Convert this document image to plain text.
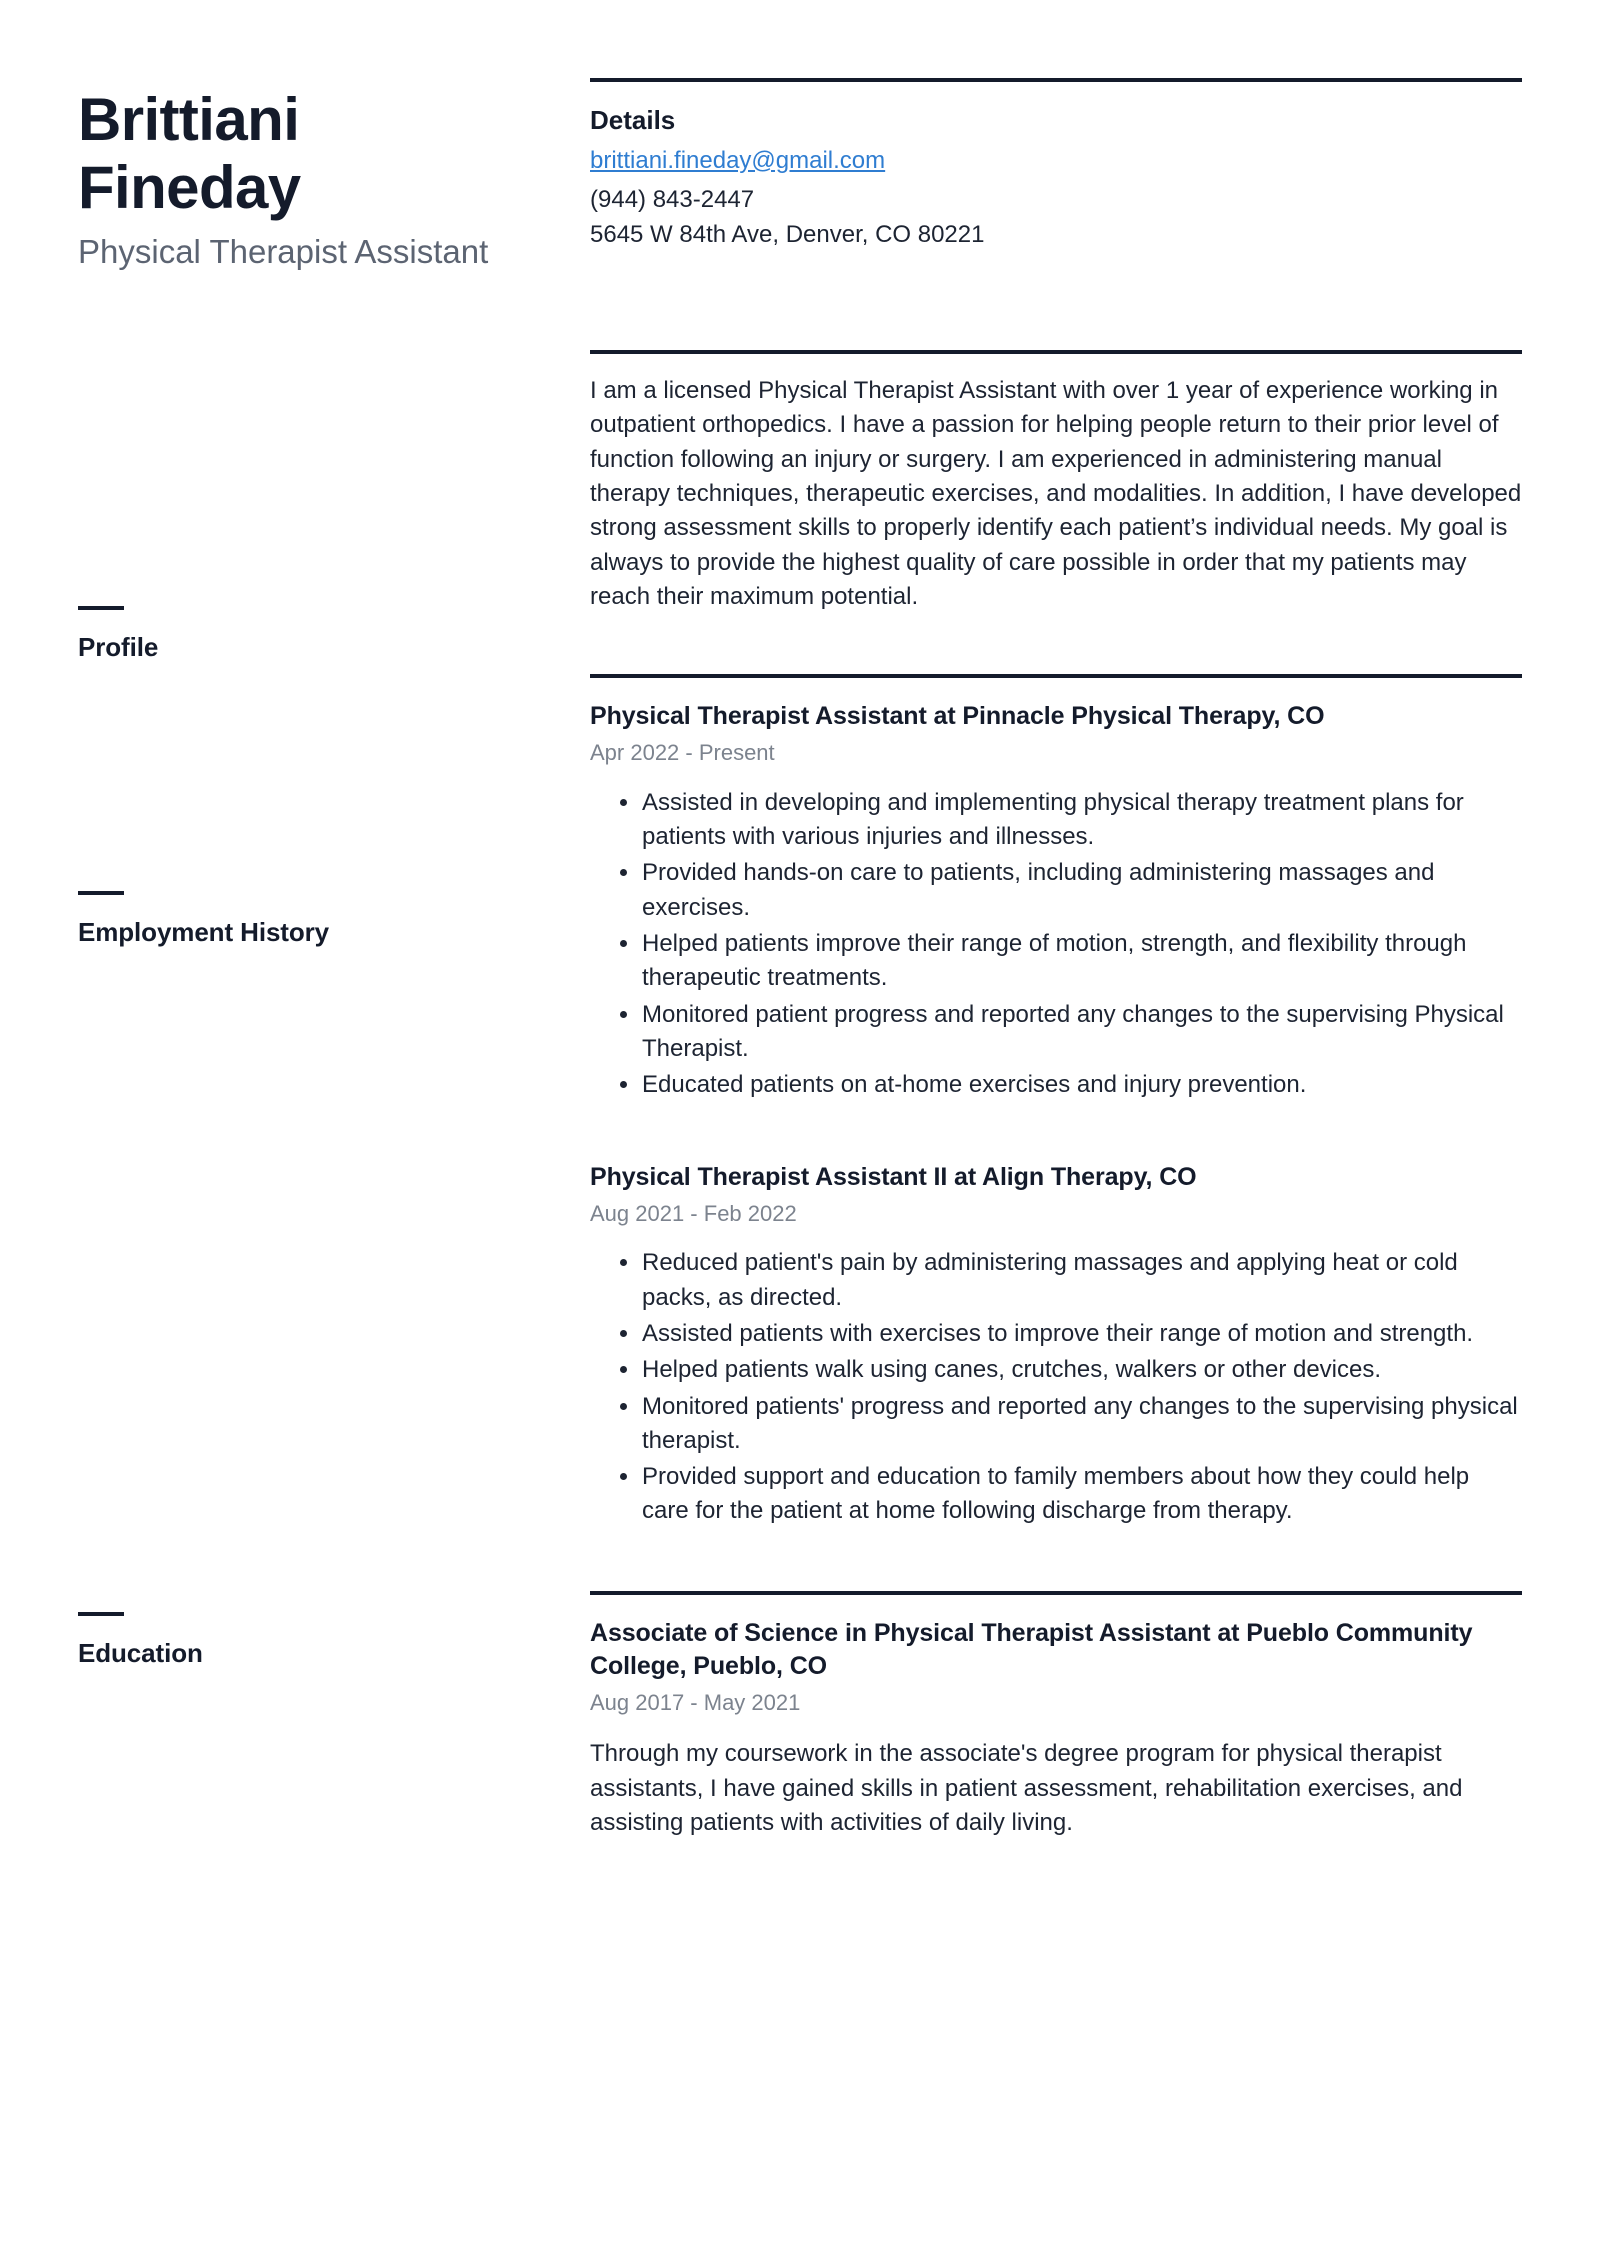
Brittiani
Fineday
Physical Therapist Assistant
Profile
Employment History
Education
Details
brittiani.fineday@gmail.com
(944) 843-2447
5645 W 84th Ave, Denver, CO 80221

I am a licensed Physical Therapist Assistant with over 1 year of experience working in outpatient orthopedics. I have a passion for helping people return to their prior level of function following an injury or surgery. I am experienced in administering manual therapy techniques, therapeutic exercises, and modalities. In addition, I have developed strong assessment skills to properly identify each patient’s individual needs. My goal is always to provide the highest quality of care possible in order that my patients may reach their maximum potential.

Physical Therapist Assistant at Pinnacle Physical Therapy, CO
Apr 2022 - Present
Assisted in developing and implementing physical therapy treatment plans for patients with various injuries and illnesses.
Provided hands-on care to patients, including administering massages and exercises.
Helped patients improve their range of motion, strength, and flexibility through therapeutic treatments.
Monitored patient progress and reported any changes to the supervising Physical Therapist.
Educated patients on at-home exercises and injury prevention.
Physical Therapist Assistant II at Align Therapy, CO
Aug 2021 - Feb 2022
Reduced patient's pain by administering massages and applying heat or cold packs, as directed.
Assisted patients with exercises to improve their range of motion and strength.
Helped patients walk using canes, crutches, walkers or other devices.
Monitored patients' progress and reported any changes to the supervising physical therapist.
Provided support and education to family members about how they could help care for the patient at home following discharge from therapy.
Associate of Science in Physical Therapist Assistant at Pueblo Community College, Pueblo, CO
Aug 2017 - May 2021

Through my coursework in the associate's degree program for physical therapist assistants, I have gained skills in patient assessment, rehabilitation exercises, and assisting patients with activities of daily living.
